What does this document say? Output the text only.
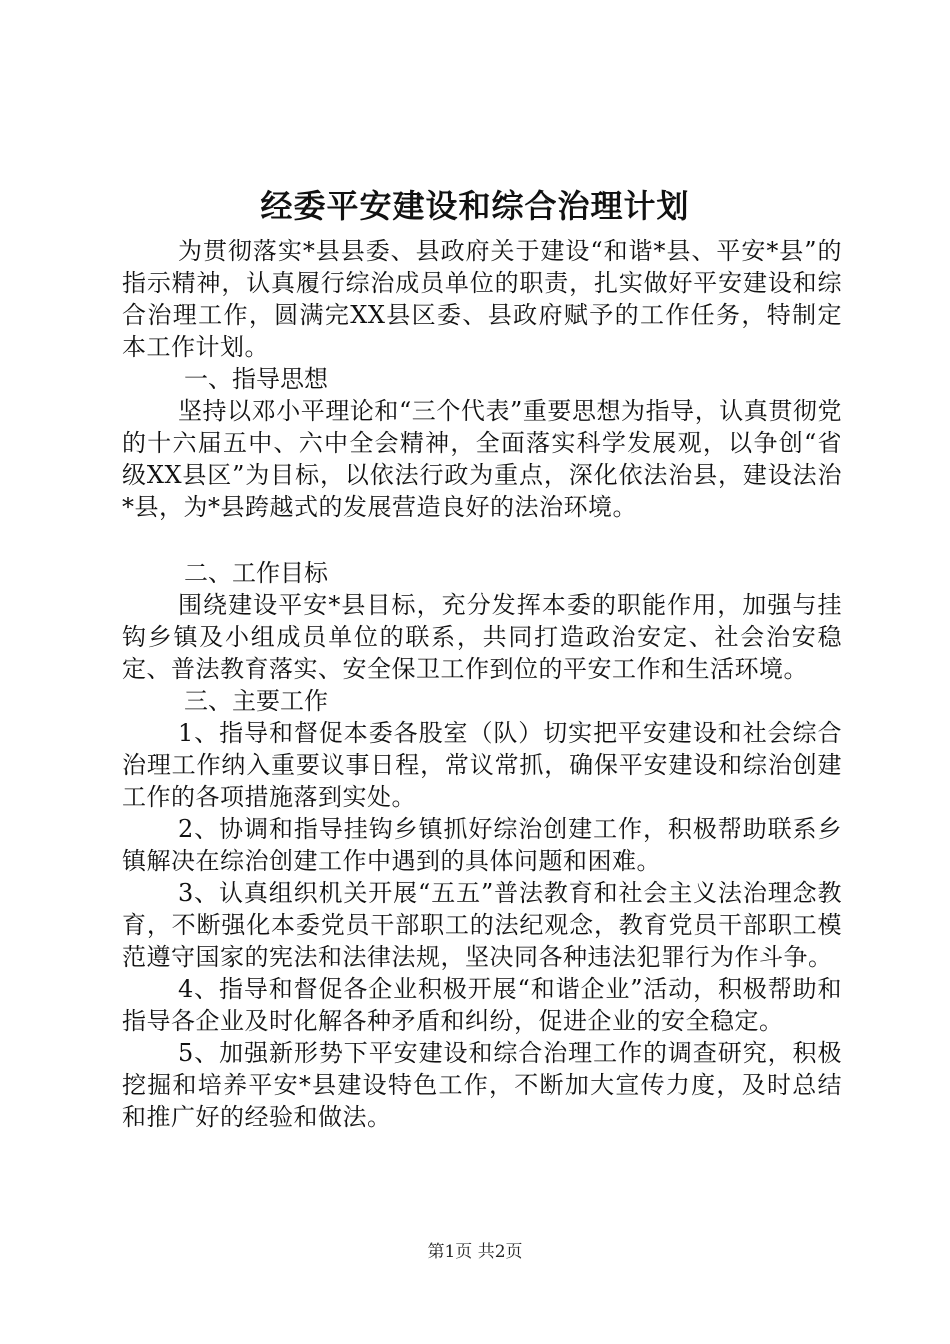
经委平安建设和综合治理计划

为贯彻落实*县县委、县政府关于建设“和谐*县、平安*县”的指示精神，认真履行综治成员单位的职责，扎实做好平安建设和综合治理工作，圆满完XX县区委、县政府赋予的工作任务，特制定本工作计划。

一、指导思想

坚持以邓小平理论和“三个代表”重要思想为指导，认真贯彻党的十六届五中、六中全会精神，全面落实科学发展观，以争创“省级XX县区”为目标，以依法行政为重点，深化依法治县，建设法治*县，为*县跨越式的发展营造良好的法治环境。

二、工作目标

围绕建设平安*县目标，充分发挥本委的职能作用，加强与挂钩乡镇及小组成员单位的联系，共同打造政治安定、社会治安稳定、普法教育落实、安全保卫工作到位的平安工作和生活环境。

三、主要工作

1、指导和督促本委各股室（队）切实把平安建设和社会综合治理工作纳入重要议事日程，常议常抓，确保平安建设和综治创建工作的各项措施落到实处。

2、协调和指导挂钩乡镇抓好综治创建工作，积极帮助联系乡镇解决在综治创建工作中遇到的具体问题和困难。

3、认真组织机关开展“五五”普法教育和社会主义法治理念教育，不断强化本委党员干部职工的法纪观念，教育党员干部职工模范遵守国家的宪法和法律法规，坚决同各种违法犯罪行为作斗争。

4、指导和督促各企业积极开展“和谐企业”活动，积极帮助和指导各企业及时化解各种矛盾和纠纷，促进企业的安全稳定。

5、加强新形势下平安建设和综合治理工作的调查研究，积极挖掘和培养平安*县建设特色工作，不断加大宣传力度，及时总结和推广好的经验和做法。

第1页 共2页
